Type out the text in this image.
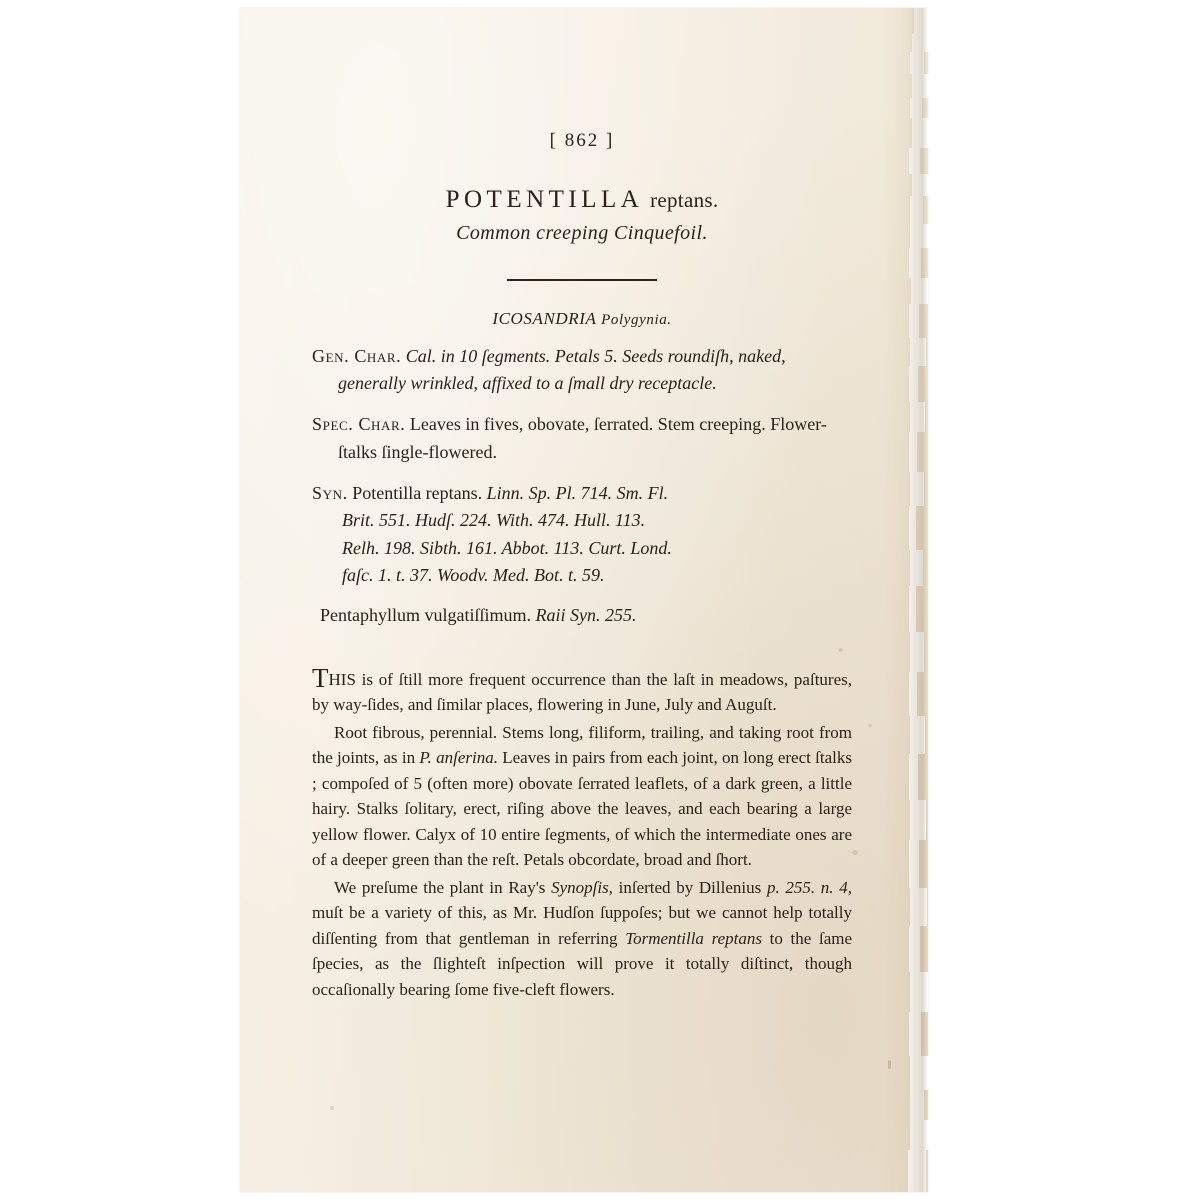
[ 862 ]
POTENTILLA reptans.
Common creeping Cinquefoil.
ICOSANDRIA Polygynia.
Gen. Char. Cal. in 10 ſegments. Petals 5. Seeds roundiſh, naked, generally wrinkled, affixed to a ſmall dry receptacle.
Spec. Char. Leaves in fives, obovate, ſerrated. Stem creeping. Flower-ſtalks ſingle-flowered.
Syn. Potentilla reptans. Linn. Sp. Pl. 714. Sm. Fl.
Brit. 551. Hudſ. 224. With. 474. Hull. 113.
Relh. 198. Sibth. 161. Abbot. 113. Curt. Lond.
faſc. 1. t. 37. Woodv. Med. Bot. t. 59.
Pentaphyllum vulgatiſſimum. Raii Syn. 255.

THIS is of ſtill more frequent occurrence than the laſt in meadows, paſtures, by way-ſides, and ſimilar places, flowering in June, July and Auguſt.

Root fibrous, perennial. Stems long, filiform, trailing, and taking root from the joints, as in P. anſerina. Leaves in pairs from each joint, on long erect ſtalks ; compoſed of 5 (often more) obovate ſerrated leaflets, of a dark green, a little hairy. Stalks ſolitary, erect, riſing above the leaves, and each bearing a large yellow flower. Calyx of 10 entire ſegments, of which the intermediate ones are of a deeper green than the reſt. Petals obcordate, broad and ſhort.

We preſume the plant in Ray's Synopſis, inſerted by Dillenius p. 255. n. 4, muſt be a variety of this, as Mr. Hudſon ſuppoſes; but we cannot help totally diſſenting from that gentleman in referring Tormentilla reptans to the ſame ſpecies, as the ſlighteſt inſpection will prove it totally diſtinct, though occaſionally bearing ſome five-cleft flowers.
